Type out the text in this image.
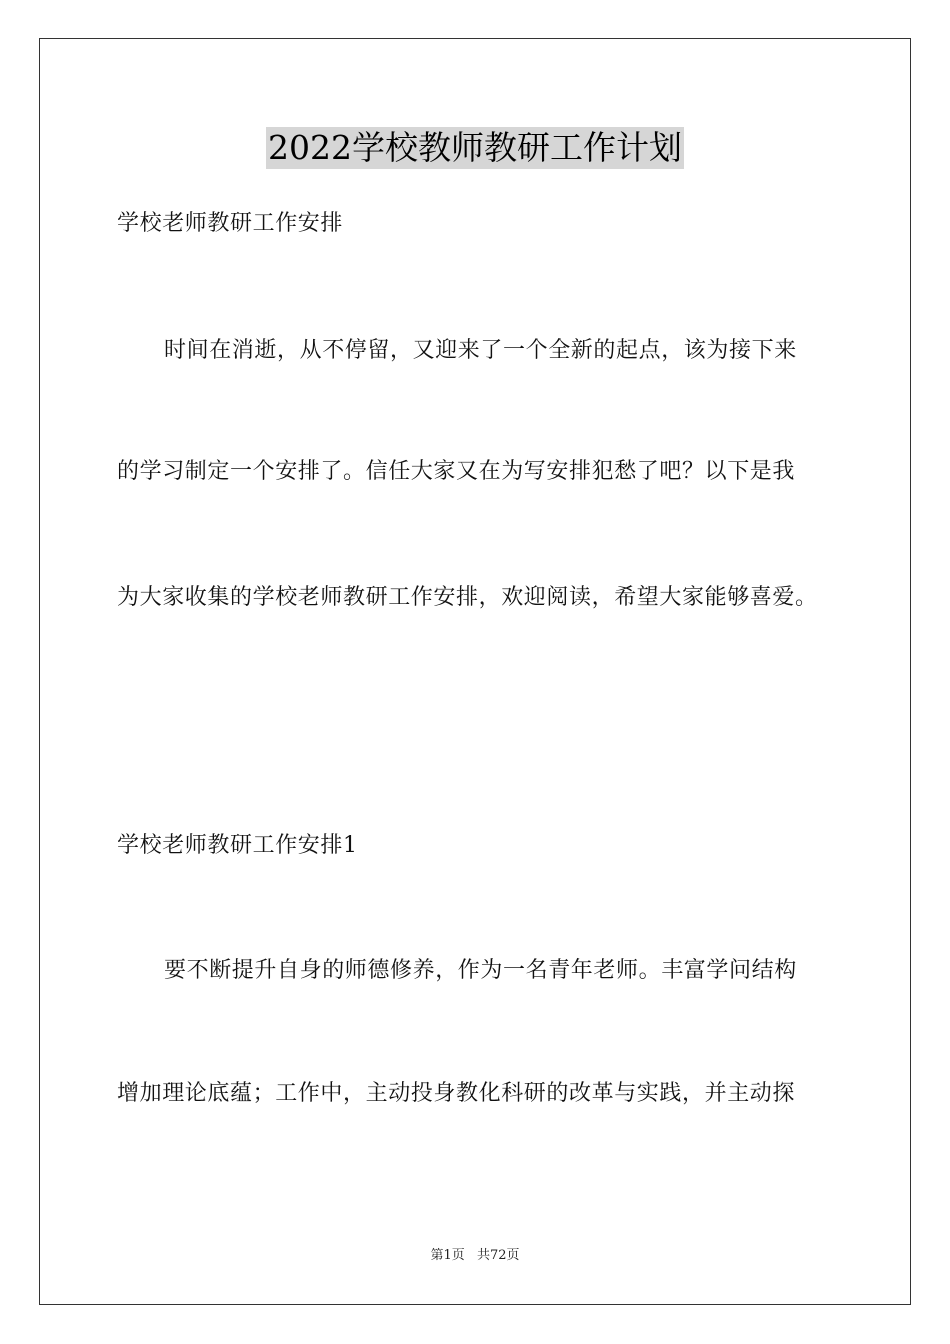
2022学校教师教研工作计划
学校老师教研工作安排
时间在消逝，从不停留，又迎来了一个全新的起点，该为接下来
的学习制定一个安排了。信任大家又在为写安排犯愁了吧？以下是我
为大家收集的学校老师教研工作安排，欢迎阅读，希望大家能够喜爱。
学校老师教研工作安排1
要不断提升自身的师德修养，作为一名青年老师。丰富学问结构
增加理论底蕴；工作中，主动投身教化科研的改革与实践，并主动探
第1页 共72页
